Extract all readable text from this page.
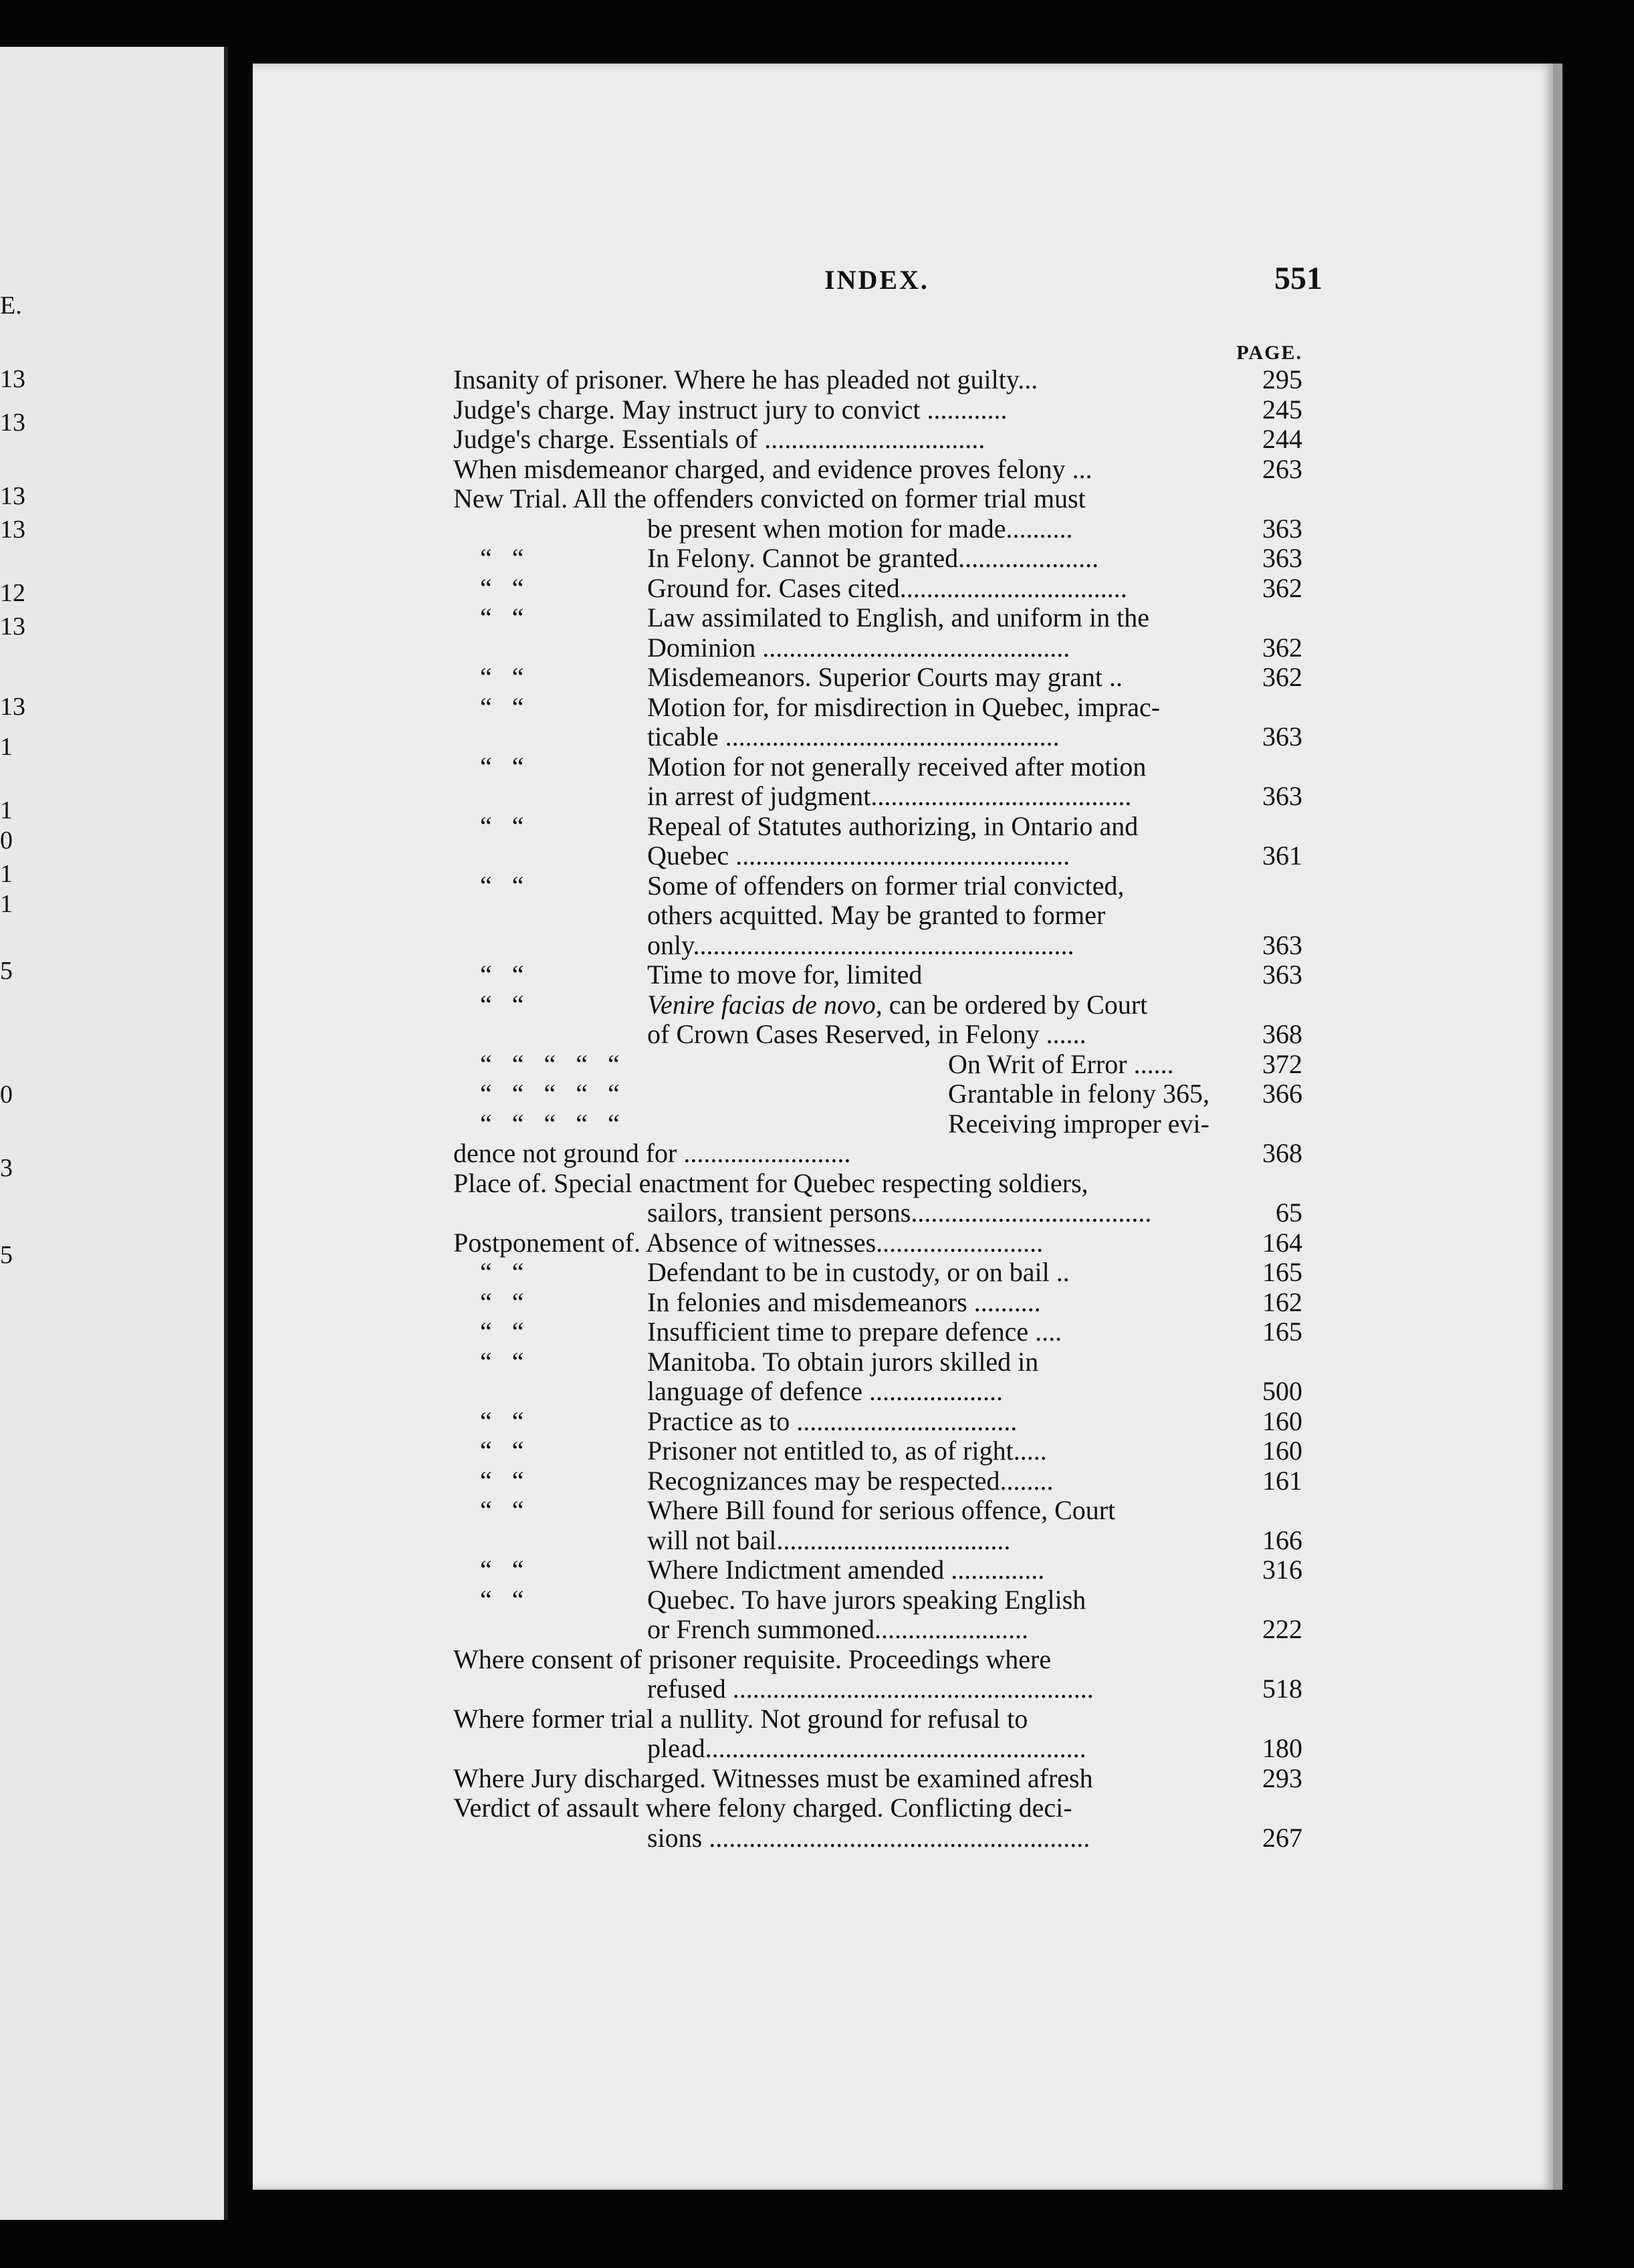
E.
13
13
13
13
12
13
13
1
1
0
1
1
5
0
3
5
INDEX.	551
PAGE.
Insanity of prisoner. Where he has pleaded not guilty...	295
Judge's charge. May instruct jury to convict ............	245
Judge's charge. Essentials of .................................	244
When misdemeanor charged, and evidence proves felony ...	263
New Trial. All the offenders convicted on former trial must
be present when motion for made..........	363
“   “	In Felony. Cannot be granted.....................	363
“   “	Ground for. Cases cited..................................	362
“   “	Law assimilated to English, and uniform in the
Dominion ..............................................	362
“   “	Misdemeanors. Superior Courts may grant ..	362
“   “	Motion for, for misdirection in Quebec, imprac-
ticable ..................................................	363
“   “	Motion for not generally received after motion
in arrest of judgment.......................................	363
“   “	Repeal of Statutes authorizing, in Ontario and
Quebec ..................................................	361
“   “	Some of offenders on former trial convicted,
others acquitted. May be granted to former
only.........................................................	363
“   “	Time to move for, limited	363
“   “	Venire facias de novo, can be ordered by Court
of Crown Cases Reserved, in Felony ......	368
“   “   “   “   “	On Writ of Error ......	372
“   “   “   “   “	Grantable in felony 365,	366
“   “   “   “   “	Receiving improper evi-
dence not ground for .........................	368
Place of. Special enactment for Quebec respecting soldiers,
sailors, transient persons....................................	65
Postponement of. Absence of witnesses.........................	164
“   “	Defendant to be in custody, or on bail ..	165
“   “	In felonies and misdemeanors ..........	162
“   “	Insufficient time to prepare defence ....	165
“   “	Manitoba. To obtain jurors skilled in
language of defence ....................	500
“   “	Practice as to .................................	160
“   “	Prisoner not entitled to, as of right.....	160
“   “	Recognizances may be respected........	161
“   “	Where Bill found for serious offence, Court
will not bail...................................	166
“   “	Where Indictment amended ..............	316
“   “	Quebec. To have jurors speaking English
or French summoned.......................	222
Where consent of prisoner requisite. Proceedings where
refused ......................................................	518
Where former trial a nullity. Not ground for refusal to
plead.........................................................	180
Where Jury discharged. Witnesses must be examined afresh	293
Verdict of assault where felony charged. Conflicting deci-
sions .........................................................	267
